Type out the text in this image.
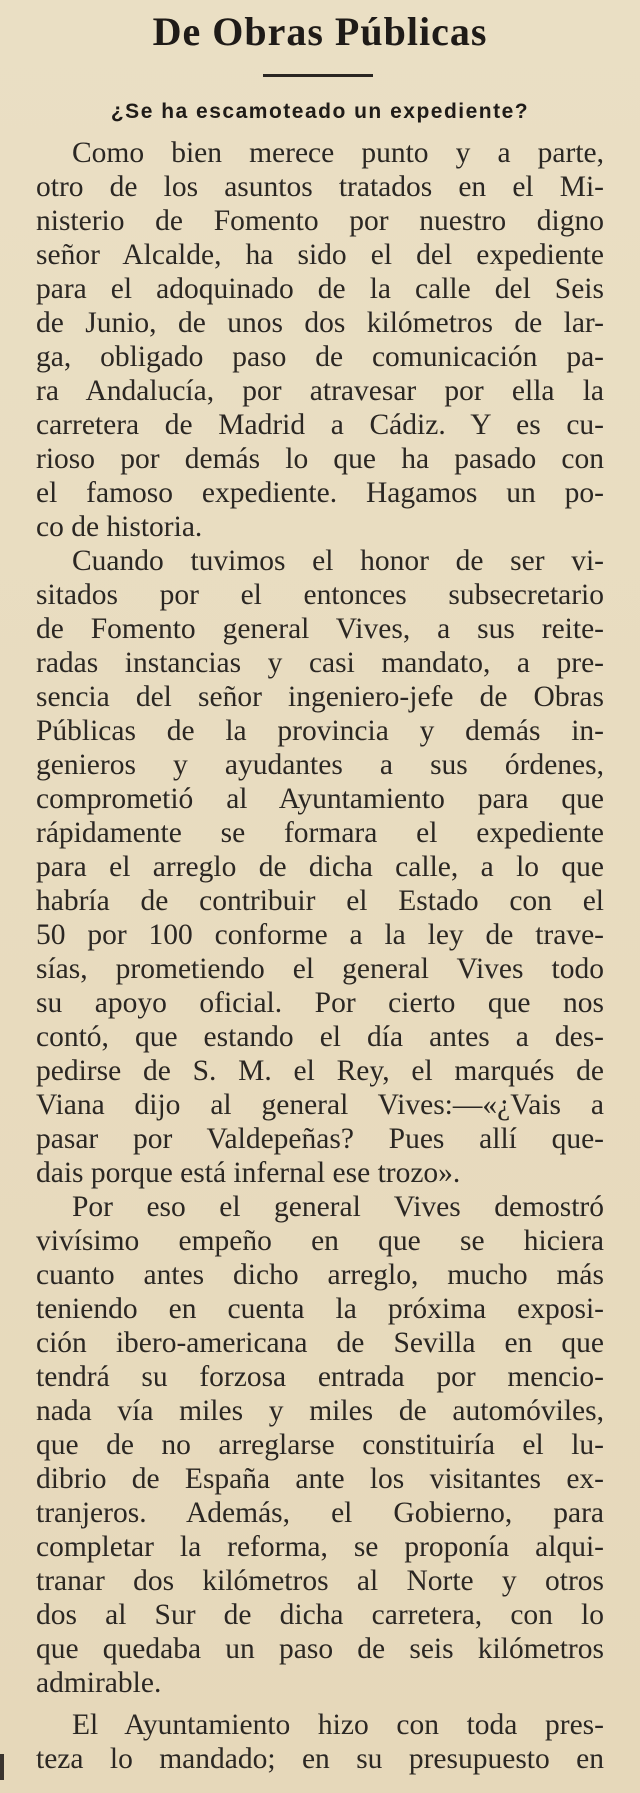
De Obras Públicas
¿Se ha escamoteado un expediente?
Como bien merece punto y a parte,
otro de los asuntos tratados en el Mi-
nisterio de Fomento por nuestro digno
señor Alcalde, ha sido el del expediente
para el adoquinado de la calle del Seis
de Junio, de unos dos kilómetros de lar-
ga, obligado paso de comunicación pa-
ra Andalucía, por atravesar por ella la
carretera de Madrid a Cádiz. Y es cu-
rioso por demás lo que ha pasado con
el famoso expediente. Hagamos un po-
co de historia.
Cuando tuvimos el honor de ser vi-
sitados por el entonces subsecretario
de Fomento general Vives, a sus reite-
radas instancias y casi mandato, a pre-
sencia del señor ingeniero-jefe de Obras
Públicas de la provincia y demás in-
genieros y ayudantes a sus órdenes,
comprometió al Ayuntamiento para que
rápidamente se formara el expediente
para el arreglo de dicha calle, a lo que
habría de contribuir el Estado con el
50 por 100 conforme a la ley de trave-
sías, prometiendo el general Vives todo
su apoyo oficial. Por cierto que nos
contó, que estando el día antes a des-
pedirse de S. M. el Rey, el marqués de
Viana dijo al general Vives:—«¿Vais a
pasar por Valdepeñas? Pues allí que-
dais porque está infernal ese trozo».
Por eso el general Vives demostró
vivísimo empeño en que se hiciera
cuanto antes dicho arreglo, mucho más
teniendo en cuenta la próxima exposi-
ción ibero-americana de Sevilla en que
tendrá su forzosa entrada por mencio-
nada vía miles y miles de automóviles,
que de no arreglarse constituiría el lu-
dibrio de España ante los visitantes ex-
tranjeros. Además, el Gobierno, para
completar la reforma, se proponía alqui-
tranar dos kilómetros al Norte y otros
dos al Sur de dicha carretera, con lo
que quedaba un paso de seis kilómetros
admirable.
El Ayuntamiento hizo con toda pres-
teza lo mandado; en su presupuesto en
